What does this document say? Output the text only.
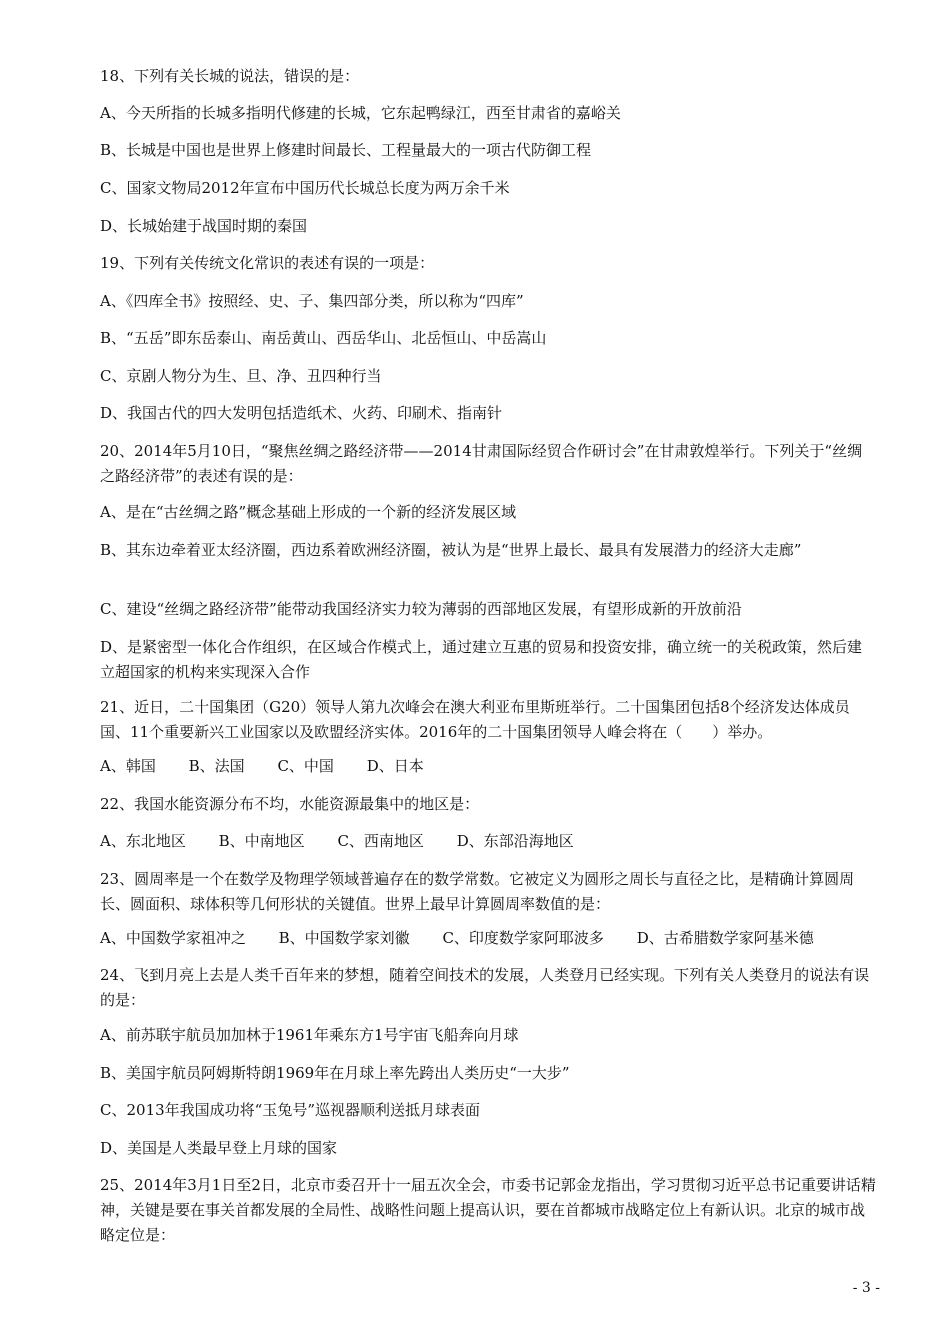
18、下列有关长城的说法，错误的是：

A、今天所指的长城多指明代修建的长城，它东起鸭绿江，西至甘肃省的嘉峪关

B、长城是中国也是世界上修建时间最长、工程量最大的一项古代防御工程

C、国家文物局2012年宣布中国历代长城总长度为两万余千米

D、长城始建于战国时期的秦国

19、下列有关传统文化常识的表述有误的一项是：

A、《四库全书》按照经、史、子、集四部分类，所以称为“四库”

B、“五岳”即东岳泰山、南岳黄山、西岳华山、北岳恒山、中岳嵩山

C、京剧人物分为生、旦、净、丑四种行当

D、我国古代的四大发明包括造纸术、火药、印刷术、指南针

20、2014年5月10日，“聚焦丝绸之路经济带——2014甘肃国际经贸合作研讨会”在甘肃敦煌举行。下列关于“丝绸之路经济带”的表述有误的是：

A、是在“古丝绸之路”概念基础上形成的一个新的经济发展区域

B、其东边牵着亚太经济圈，西边系着欧洲经济圈，被认为是“世界上最长、最具有发展潜力的经济大走廊”

C、建设“丝绸之路经济带”能带动我国经济实力较为薄弱的西部地区发展，有望形成新的开放前沿

D、是紧密型一体化合作组织，在区域合作模式上，通过建立互惠的贸易和投资安排，确立统一的关税政策，然后建立超国家的机构来实现深入合作

21、近日，二十国集团（G20）领导人第九次峰会在澳大利亚布里斯班举行。二十国集团包括8个经济发达体成员国、11个重要新兴工业国家以及欧盟经济实体。2016年的二十国集团领导人峰会将在（　　）举办。

A、韩国 B、法国 C、中国 D、日本

22、我国水能资源分布不均，水能资源最集中的地区是：

A、东北地区 B、中南地区 C、西南地区 D、东部沿海地区

23、圆周率是一个在数学及物理学领域普遍存在的数学常数。它被定义为圆形之周长与直径之比，是精确计算圆周长、圆面积、球体积等几何形状的关键值。世界上最早计算圆周率数值的是：

A、中国数学家祖冲之 B、中国数学家刘徽 C、印度数学家阿耶波多 D、古希腊数学家阿基米德

24、飞到月亮上去是人类千百年来的梦想，随着空间技术的发展，人类登月已经实现。下列有关人类登月的说法有误的是：

A、前苏联宇航员加加林于1961年乘东方1号宇宙飞船奔向月球

B、美国宇航员阿姆斯特朗1969年在月球上率先跨出人类历史“一大步”

C、2013年我国成功将“玉兔号”巡视器顺利送抵月球表面

D、美国是人类最早登上月球的国家

25、2014年3月1日至2日，北京市委召开十一届五次全会，市委书记郭金龙指出，学习贯彻习近平总书记重要讲话精神，关键是要在事关首都发展的全局性、战略性问题上提高认识，要在首都城市战略定位上有新认识。北京的城市战略定位是：

- 3 -
